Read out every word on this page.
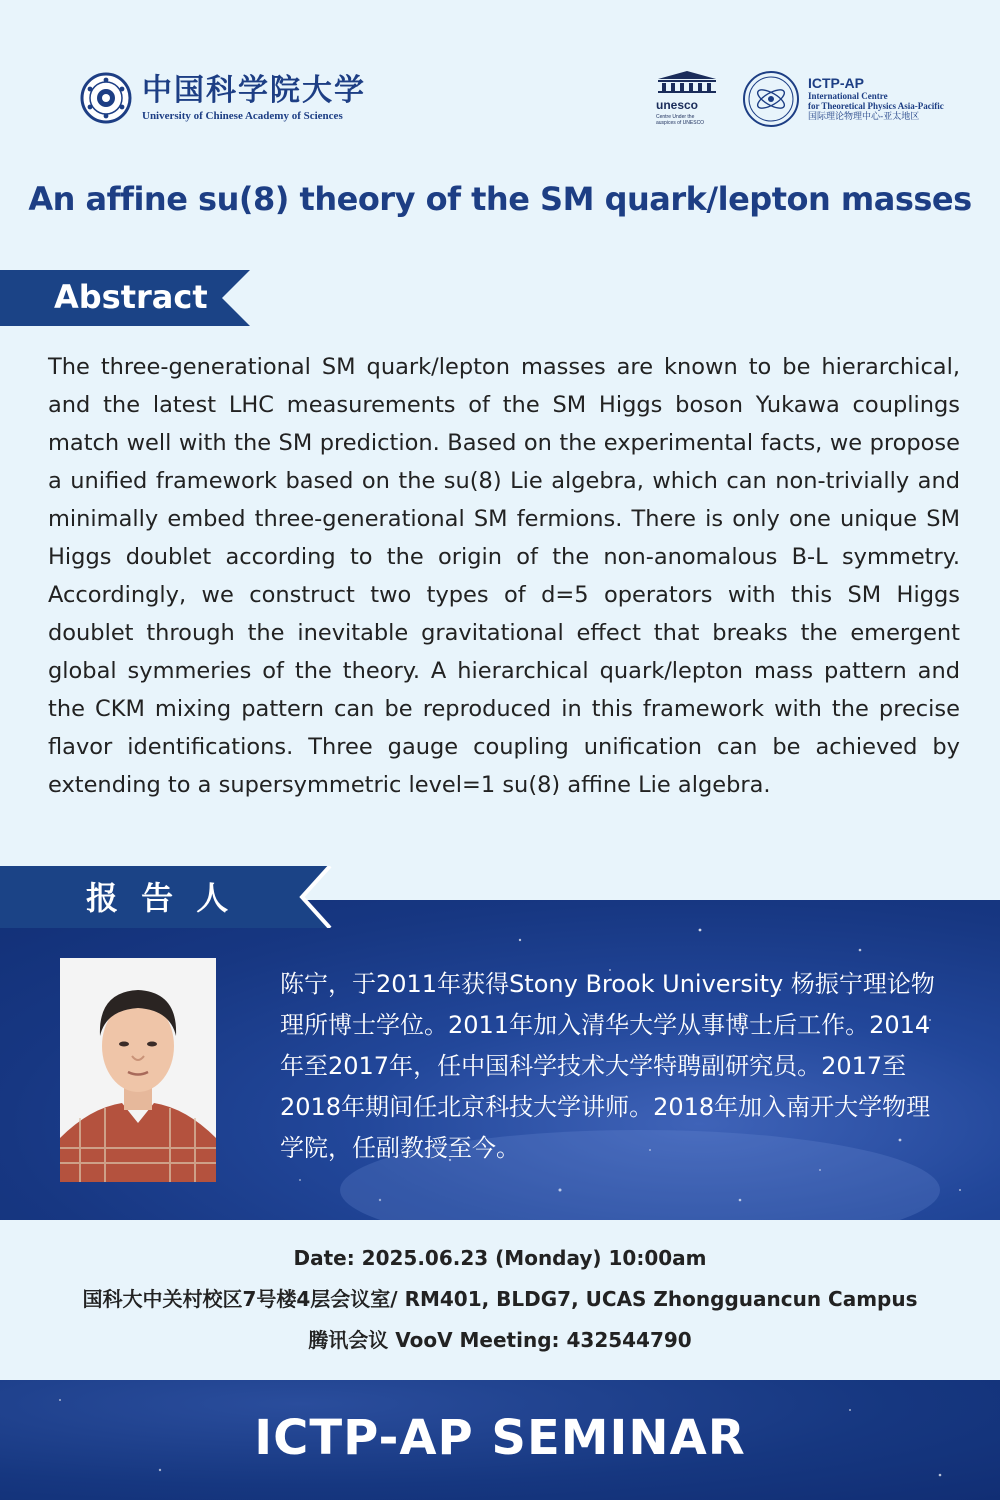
中国科学院大学
University of Chinese Academy of Sciences
unesco
Centre Under the auspices of UNESCO
ICTP-AP
International Centre
for Theoretical Physics Asia-Pacific
国际理论物理中心-亚太地区
An affine su(8) theory of the SM quark/lepton masses
Abstract
The three-generational SM quark/lepton masses are known to be hierarchical, and the latest LHC measurements of the SM Higgs boson Yukawa couplings match well with the SM prediction. Based on the experimental facts, we propose a unified framework based on the su(8) Lie algebra, which can non-trivially and minimally embed three-generational SM fermions. There is only one unique SM Higgs doublet according to the origin of the non-anomalous B-L symmetry. Accordingly, we construct two types of d=5 operators with this SM Higgs doublet through the inevitable gravitational effect that breaks the emergent global symmeries of the theory. A hierarchical quark/lepton mass pattern and the CKM mixing pattern can be reproduced in this framework with the precise flavor identifications. Three gauge coupling unification can be achieved by extending to a supersymmetric level=1 su(8) affine Lie algebra.
报 告 人
陈宁，于2011年获得Stony Brook University 杨振宁理论物理所博士学位。2011年加入清华大学从事博士后工作。2014 年至2017年，任中国科学技术大学特聘副研究员。2017至2018年期间任北京科技大学讲师。2018年加入南开大学物理学院，任副教授至今。
Date: 2025.06.23 (Monday) 10:00am
国科大中关村校区7号楼4层会议室/ RM401, BLDG7, UCAS Zhongguancun Campus
腾讯会议 VooV Meeting: 432544790
ICTP-AP SEMINAR
